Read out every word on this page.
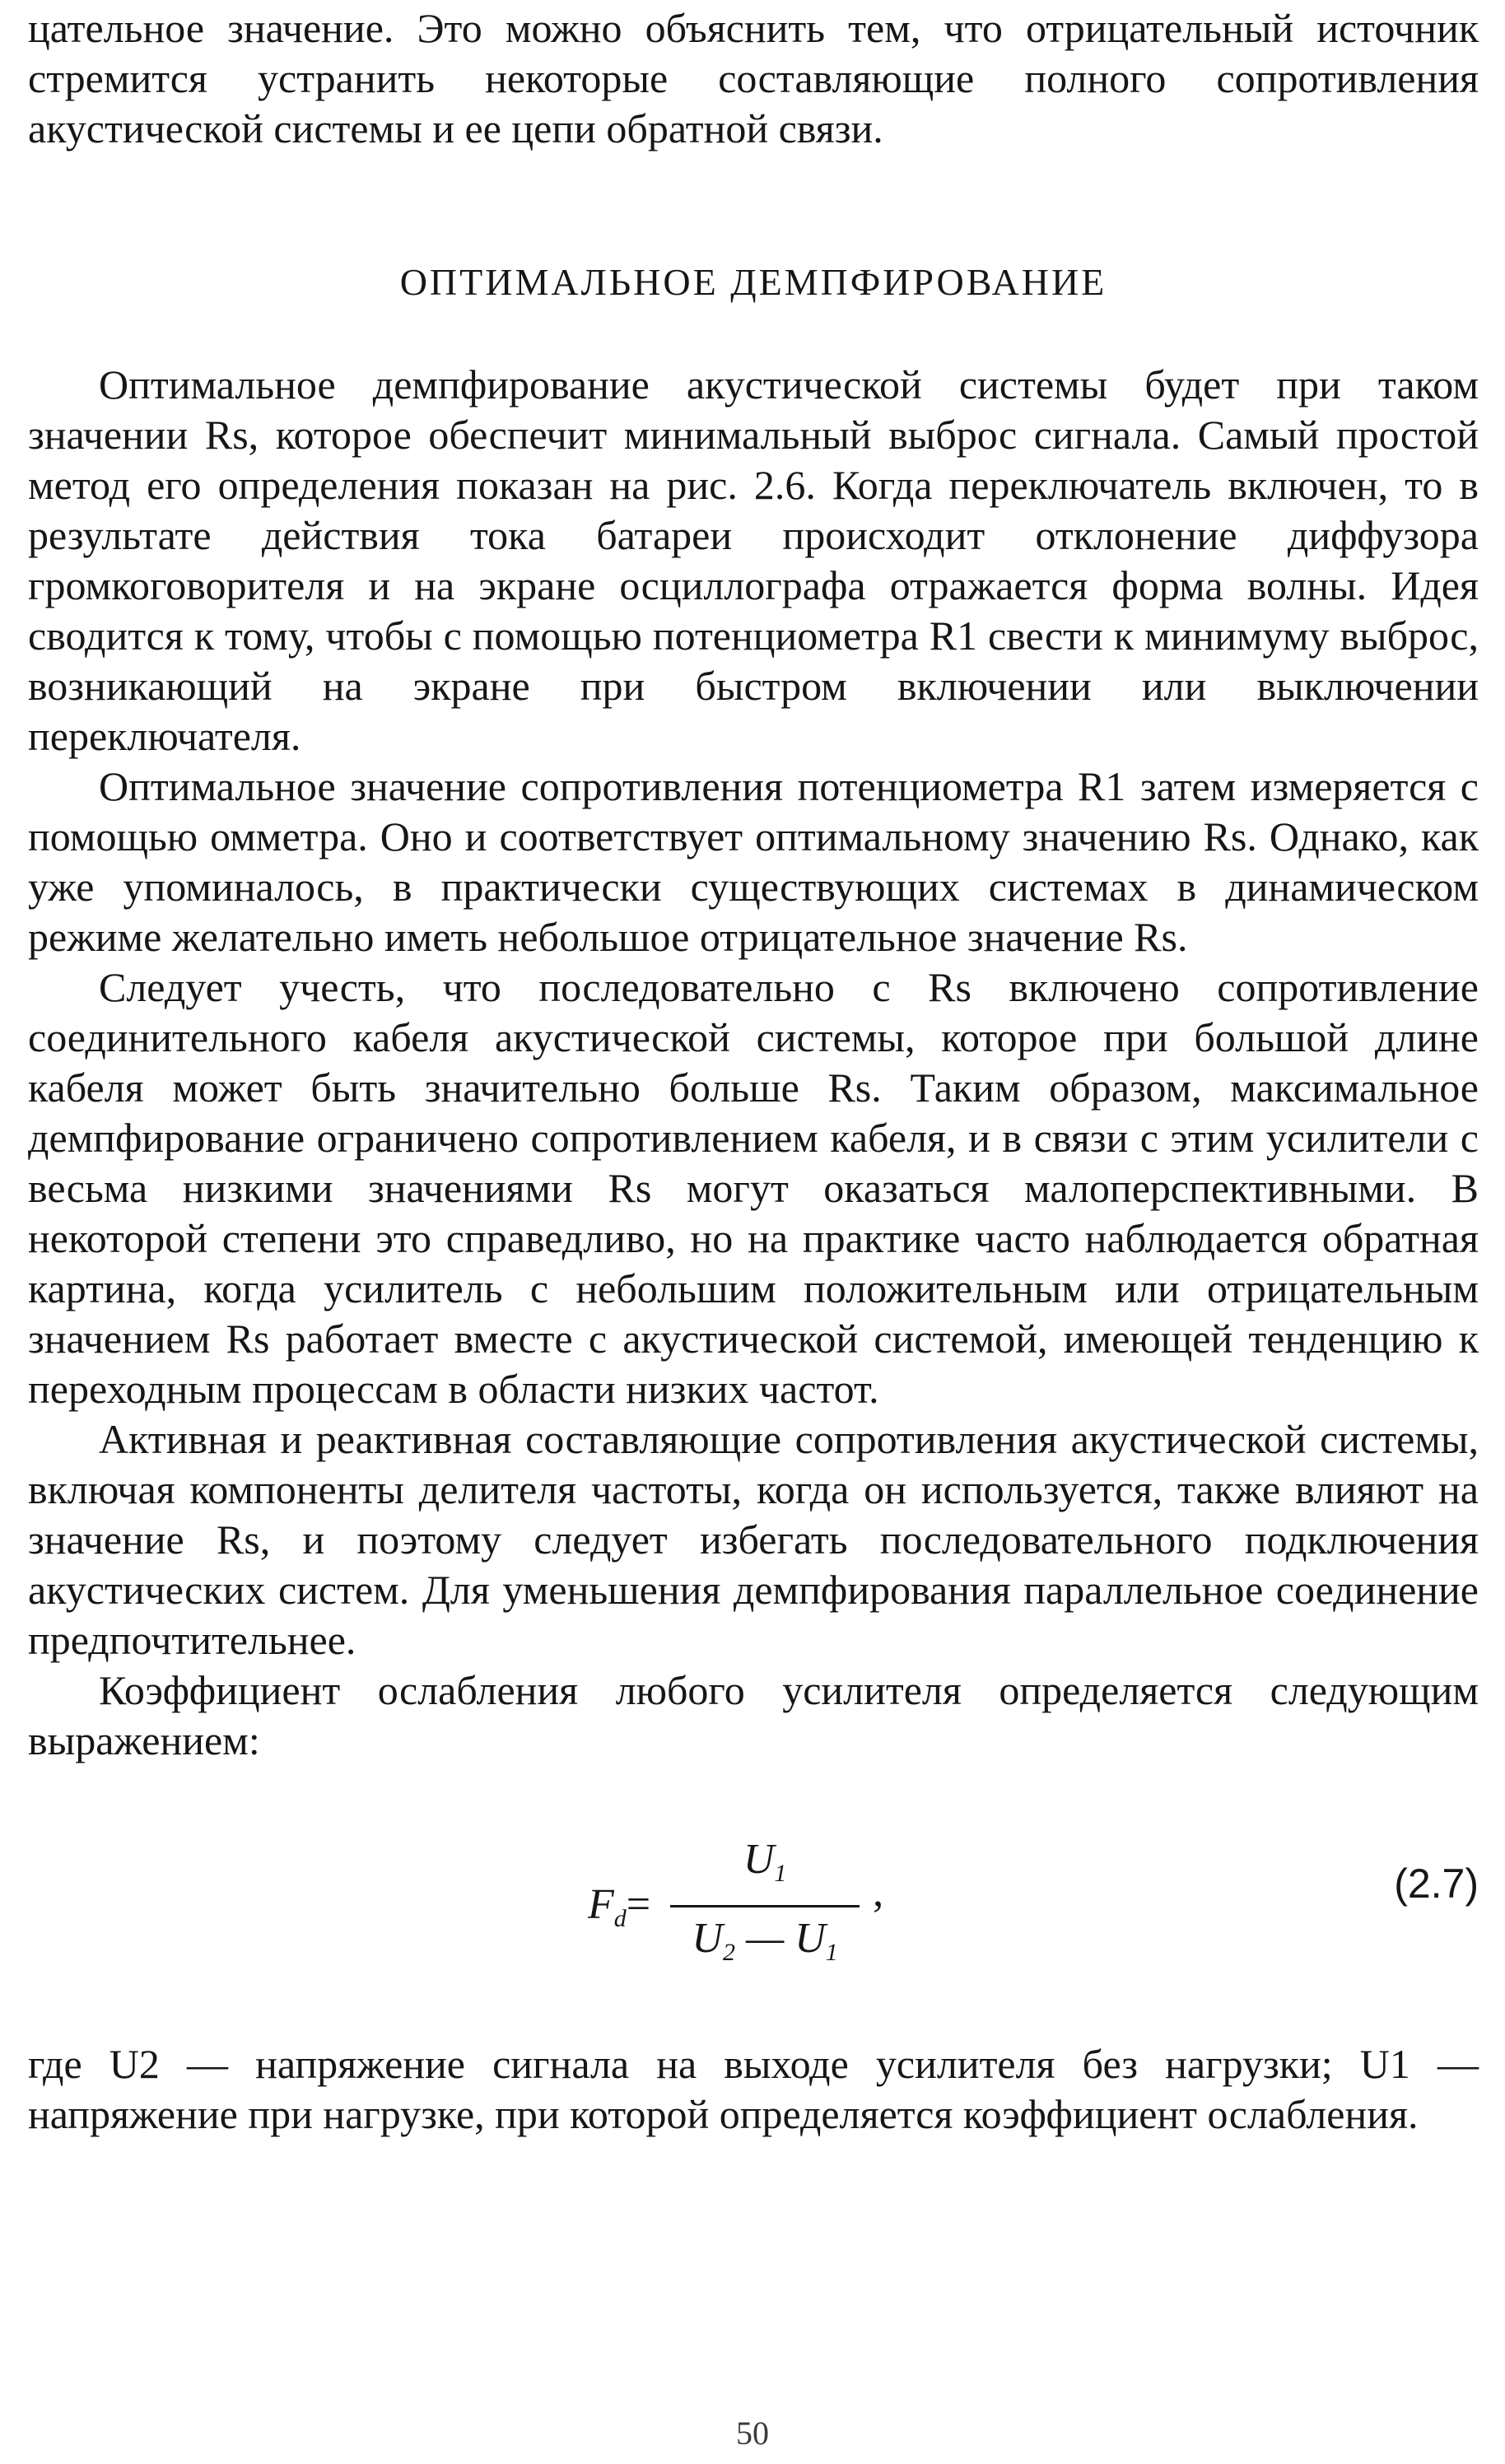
цательное значение. Это можно объяснить тем, что отрицательный источник стремится устранить некоторые составляющие полного сопротивления акустической системы и ее цепи обратной связи.

ОПТИМАЛЬНОЕ ДЕМПФИРОВАНИЕ

Оптимальное демпфирование акустической системы будет при таком значении Rs, которое обеспечит минимальный выброс сигнала. Самый простой метод его определения показан на рис. 2.6. Когда переключатель включен, то в результате действия тока батареи происходит отклонение диффузора громкоговорителя и на экране осциллографа отражается форма волны. Идея сводится к тому, чтобы с помощью потенциометра R1 свести к минимуму выброс, возникающий на экране при быстром включении или выключении переключателя.

Оптимальное значение сопротивления потенциометра R1 затем измеряется с помощью омметра. Оно и соответствует оптимальному значению Rs. Однако, как уже упоминалось, в практически существующих системах в динамическом режиме желательно иметь небольшое отрицательное значение Rs.

Следует учесть, что последовательно с Rs включено сопротивление соединительного кабеля акустической системы, которое при большой длине кабеля может быть значительно больше Rs. Таким образом, максимальное демпфирование ограничено сопротивлением кабеля, и в связи с этим усилители с весьма низкими значениями Rs могут оказаться малоперспективными. В некоторой степени это справедливо, но на практике часто наблюдается обратная картина, когда усилитель с небольшим положительным или отрицательным значением Rs работает вместе с акустической системой, имеющей тенденцию к переходным процессам в области низких частот.

Активная и реактивная составляющие сопротивления акустической системы, включая компоненты делителя частоты, когда он используется, также влияют на значение Rs, и поэтому следует избегать последовательного подключения акустических систем. Для уменьшения демпфирования параллельное соединение предпочтительнее.

Коэффициент ослабления любого усилителя определяется следующим выражением:

$F_d= \frac{U_1}{U_2 — U_1}$ ,	(2.7)

где U2 — напряжение сигнала на выходе усилителя без нагрузки; U1 — напряжение при нагрузке, при которой определяется коэффициент ослабления.

50
